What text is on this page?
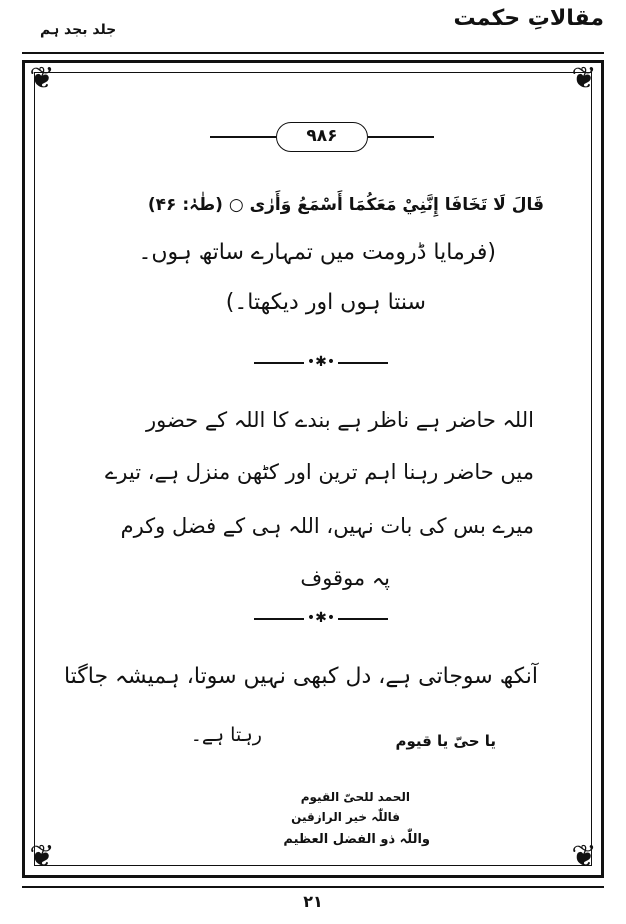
مقالاتِ حکمت
جلد بجد ہم
❦	❦
❦	❦
۹۸۶
قَالَ لَا تَخَافَا إِنَّنِيْ مَعَكُمَا أَسْمَعُ وَأَرٰى ○ (طٰہٰ: ۴۶)
(فرمایا ڈرومت میں تمہارے ساتھ ہوں۔
سنتا ہوں اور دیکھتا۔)
•✱•
اللہ حاضر ہے ناظر ہے بندے کا اللہ کے حضور
میں حاضر رہنا اہم ترین اور کٹھن منزل ہے، تیرے
میرے بس کی بات نہیں، اللہ ہی کے فضل وکرم
پہ موقوف
•✱•
آنکھ سوجاتی ہے، دل کبھی نہیں سوتا، ہمیشہ جاگتا
رہتا ہے۔	یا حیّ یا قیوم
الحمد للحیّ القیوم
فاللّٰہ خیر الرازقین
واللّٰہ ذو الفضل العظیم
۲۱
